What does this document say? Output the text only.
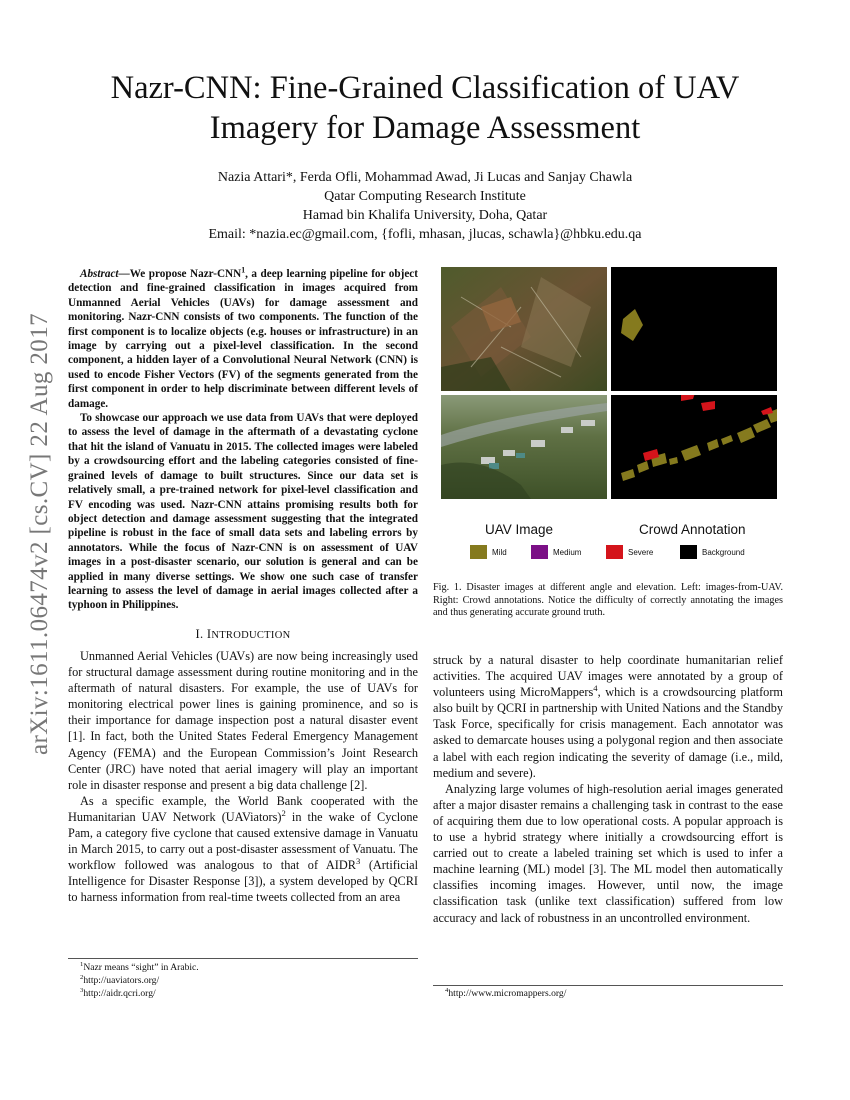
arXiv:1611.06474v2 [cs.CV] 22 Aug 2017
Nazr-CNN: Fine-Grained Classification of UAV Imagery for Damage Assessment
Nazia Attari*, Ferda Ofli, Mohammad Awad, Ji Lucas and Sanjay Chawla
Qatar Computing Research Institute
Hamad bin Khalifa University, Doha, Qatar
Email: *nazia.ec@gmail.com, {fofli, mhasan, jlucas, schawla}@hbku.edu.qa

Abstract—We propose Nazr-CNN$^1$, a deep learning pipeline for object detection and fine-grained classification in images acquired from Unmanned Aerial Vehicles (UAVs) for damage assessment and monitoring. Nazr-CNN consists of two components. The function of the first component is to localize objects (e.g. houses or infrastructure) in an image by carrying out a pixel-level classification. In the second component, a hidden layer of a Convolutional Neural Network (CNN) is used to encode Fisher Vectors (FV) of the segments generated from the first component in order to help discriminate between different levels of damage.

To showcase our approach we use data from UAVs that were deployed to assess the level of damage in the aftermath of a devastating cyclone that hit the island of Vanuatu in 2015. The collected images were labeled by a crowdsourcing effort and the labeling categories consisted of fine-grained levels of damage to built structures. Since our data set is relatively small, a pre-trained network for pixel-level classification and FV encoding was used. Nazr-CNN attains promising results both for object detection and damage assessment suggesting that the integrated pipeline is robust in the face of small data sets and labeling errors by annotators. While the focus of Nazr-CNN is on assessment of UAV images in a post-disaster scenario, our solution is general and can be applied in many diverse settings. We show one such case of transfer learning to assess the level of damage in aerial images collected after a typhoon in Philippines.

I. INTRODUCTION

Unmanned Aerial Vehicles (UAVs) are now being increasingly used for structural damage assessment during routine monitoring and in the aftermath of natural disasters. For example, the use of UAVs for monitoring electrical power lines is gaining prominence, and so is their importance for damage inspection post a natural disaster event [1]. In fact, both the United States Federal Emergency Management Agency (FEMA) and the European Commission’s Joint Research Center (JRC) have noted that aerial imagery will play an important role in disaster response and present a big data challenge [2].

As a specific example, the World Bank cooperated with the Humanitarian UAV Network (UAViators)$^2$ in the wake of Cyclone Pam, a category five cyclone that caused extensive damage in Vanuatu in March 2015, to carry out a post-disaster assessment of Vanuatu. The workflow followed was analogous to that of AIDR$^3$ (Artificial Intelligence for Disaster Response [3]), a system developed by QCRI to harness information from real-time tweets collected from an area

$^1$Nazr means “sight” in Arabic.
$^2$http://uaviators.org/
$^3$http://aidr.qcri.org/
UAV Image	Crowd Annotation
Mild	Medium	Severe	Background
Fig. 1. Disaster images at different angle and elevation. Left: images-from-UAV. Right: Crowd annotations. Notice the difficulty of correctly annotating the images and thus generating accurate ground truth.

struck by a natural disaster to help coordinate humanitarian relief activities. The acquired UAV images were annotated by a group of volunteers using MicroMappers$^4$, which is a crowdsourcing platform also built by QCRI in partnership with United Nations and the Standby Task Force, specifically for crisis management. Each annotator was asked to demarcate houses using a polygonal region and then associate a label with each region indicating the severity of damage (i.e., mild, medium and severe).

Analyzing large volumes of high-resolution aerial images generated after a major disaster remains a challenging task in contrast to the ease of acquiring them due to low operational costs. A popular approach is to use a hybrid strategy where initially a crowdsourcing effort is carried out to create a labeled training set which is used to infer a machine learning (ML) model [3]. The ML model then automatically classifies incoming images. However, until now, the image classification task (unlike text classification) suffered from low accuracy and lack of robustness in an uncontrolled environment.

$^4$http://www.micromappers.org/
